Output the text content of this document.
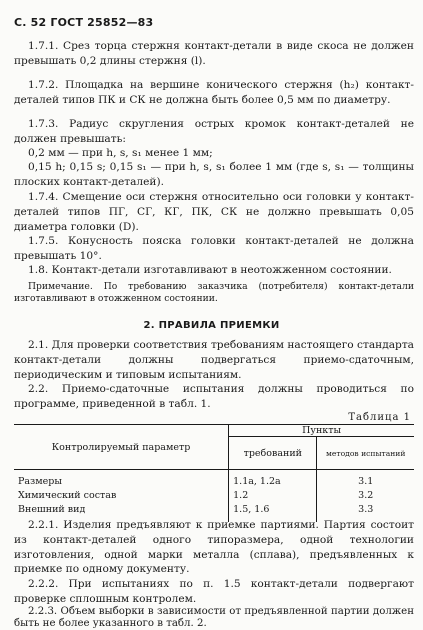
С. 52 ГОСТ 25852—83
1.7.1. Срез торца стержня контакт-детали в виде скоса не должен превышать 0,2 длины стержня (l).
1.7.2. Площадка на вершине конического стержня (h₂) контакт-деталей типов ПК и СК не должна быть более 0,5 мм по диаметру.
1.7.3. Радиус скругления острых кромок контакт-деталей не должен превышать:
0,2 мм — при h, s, s₁ менее 1 мм;
0,15 h; 0,15 s; 0,15 s₁ — при h, s, s₁ более 1 мм (где s, s₁ — толщины плоских контакт-деталей).
1.7.4. Смещение оси стержня относительно оси головки у контакт-деталей типов ПГ, СГ, КГ, ПК, СК не должно превышать 0,05 диаметра головки (D).
1.7.5. Конусность пояска головки контакт-деталей не должна превышать 10°.
1.8. Контакт-детали изготавливают в неотожженном состоянии.
Примечание. По требованию заказчика (потребителя) контакт-детали изготавливают в отожженном состоянии.
2. ПРАВИЛА ПРИЕМКИ
2.1. Для проверки соответствия требованиям настоящего стандарта контакт-детали должны подвергаться приемо-сдаточным, периодическим и типовым испытаниям.
2.2. Приемо-сдаточные испытания должны проводиться по программе, приведенной в табл. 1.
Таблица 1
Контролируемый параметр	Пункты	
	требований	методов испытаний

Размеры	1.1а, 1.2а	3.1
Химический состав	1.2	3.2
Внешний вид	1.5, 1.6	3.3

2.2.1. Изделия предъявляют к приемке партиями. Партия состоит из контакт-деталей одного типоразмера, одной технологии изготовления, одной марки металла (сплава), предъявленных к приемке по одному документу.
2.2.2. При испытаниях по п. 1.5 контакт-детали подвергают проверке сплошным контролем.
2.2.3. Объем выборки в зависимости от предъявленной партии должен быть не более указанного в табл. 2.
